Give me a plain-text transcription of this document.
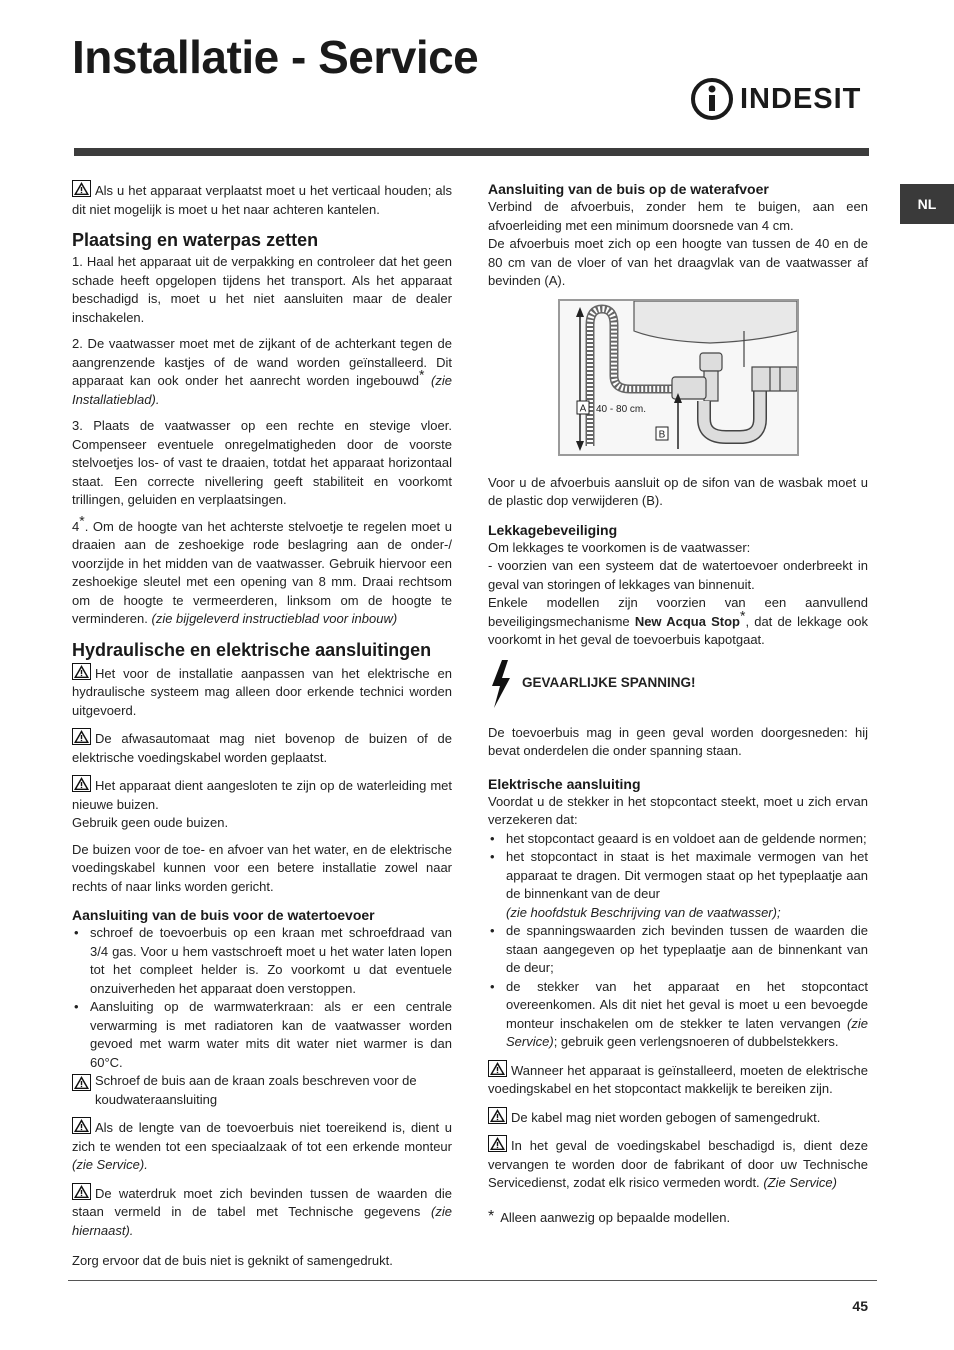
Installatie - Service
INDESIT
NL

Als u het apparaat verplaatst moet u het verticaal houden; als dit niet mogelijk is moet u het naar achteren kantelen.

Plaatsing en waterpas zetten

1. Haal het apparaat uit de verpakking en controleer dat het geen schade heeft opgelopen tijdens het transport. Als het apparaat beschadigd is, moet u het niet aansluiten maar de dealer inschakelen.

2. De vaatwasser moet met de zijkant of de achterkant tegen de aangrenzende kastjes of de wand worden geïnstalleerd. Dit apparaat kan ook onder het aanrecht worden ingebouwd* (zie Installatieblad).

3. Plaats de vaatwasser op een rechte en stevige vloer. Compenseer eventuele onregelmatigheden door de voorste stelvoetjes los- of vast te draaien, totdat het apparaat horizontaal staat. Een correcte nivellering geeft stabiliteit en voorkomt trillingen, geluiden en verplaatsingen.

4*. Om de hoogte van het achterste stelvoetje te regelen moet u draaien aan de zeshoekige rode beslagring aan de onder-/ voorzijde in het midden van de vaatwasser. Gebruik hiervoor een zeshoekige sleutel met een opening van 8 mm. Draai rechtsom om de hoogte te vermeerderen, linksom om de hoogte te verminderen. (zie bijgeleverd instructieblad voor inbouw)

Hydraulische en elektrische aansluitingen

Het voor de installatie aanpassen van het elektrische en hydraulische systeem mag alleen door erkende technici worden uitgevoerd.

De afwasautomaat mag niet bovenop de buizen of de elektrische voedingskabel worden geplaatst.

Het apparaat dient aangesloten te zijn op de waterleiding met nieuwe buizen.

Gebruik geen oude buizen.

De buizen voor de toe- en afvoer van het water, en de elektrische voedingskabel kunnen voor een betere installatie zowel naar rechts of naar links worden gericht.

Aansluiting van de buis voor de watertoevoer
• schroef de toevoerbuis op een kraan met schroefdraad van 3/4 gas. Voor u hem vastschroeft moet u het water laten lopen tot het compleet helder is. Zo voorkomt u dat eventuele onzuiverheden het apparaat doen verstoppen.
• Aansluiting op de warmwaterkraan: als er een centrale verwarming is met radiatoren kan de vaatwasser worden gevoed met warm water mits dit water niet warmer is dan 60°C.
Schroef de buis aan de kraan zoals beschreven voor de koudwateraansluiting

Als de lengte van de toevoerbuis niet toereikend is, dient u zich te wenden tot een speciaalzaak of tot een erkende monteur (zie Service).

De waterdruk moet zich bevinden tussen de waarden die staan vermeld in de tabel met Technische gegevens (zie hiernaast).

Zorg ervoor dat de buis niet is geknikt of samengedrukt.

Aansluiting van de buis op de waterafvoer

Verbind de afvoerbuis, zonder hem te buigen, aan een afvoerleiding met een minimum doorsnede van 4 cm.

De afvoerbuis moet zich op een hoogte van tussen de 40 en de 80 cm van de vloer of van het draagvlak van de vaatwasser af bevinden (A).

A 40 - 80 cm.
B

Voor u de afvoerbuis aansluit op de sifon van de wasbak moet u de plastic dop verwijderen (B).

Lekkagebeveiliging

Om lekkages te voorkomen is de vaatwasser:

- voorzien van een systeem dat de watertoevoer onderbreekt in geval van storingen of lekkages van binnenuit.

Enkele modellen zijn voorzien van een aanvullend beveiligingsmechanisme New Acqua Stop*, dat de lekkage ook voorkomt in het geval de toevoerbuis kapotgaat.

GEVAARLIJKE SPANNING!

De toevoerbuis mag in geen geval worden doorgesneden: hij bevat onderdelen die onder spanning staan.

Elektrische aansluiting

Voordat u de stekker in het stopcontact steekt, moet u zich ervan verzekeren dat:

• het stopcontact geaard is en voldoet aan de geldende normen;
• het stopcontact in staat is het maximale vermogen van het apparaat te dragen. Dit vermogen staat op het typeplaatje aan de binnenkant van de deur
(zie hoofdstuk Beschrijving van de vaatwasser);
• de spanningswaarden zich bevinden tussen de waarden die staan aangegeven op het typeplaatje aan de binnenkant van de deur;
• de stekker van het apparaat en het stopcontact overeenkomen. Als dit niet het geval is moet u een bevoegde monteur inschakelen om de stekker te laten vervangen (zie Service); gebruik geen verlengsnoeren of dubbelstekkers.

Wanneer het apparaat is geïnstalleerd, moeten de elektrische voedingskabel en het stopcontact makkelijk te bereiken zijn.

De kabel mag niet worden gebogen of samengedrukt.

In het geval de voedingskabel beschadigd is, dient deze vervangen te worden door de fabrikant of door uw Technische Servicedienst, zodat elk risico vermeden wordt. (Zie Service)

* Alleen aanwezig op bepaalde modellen.
45
